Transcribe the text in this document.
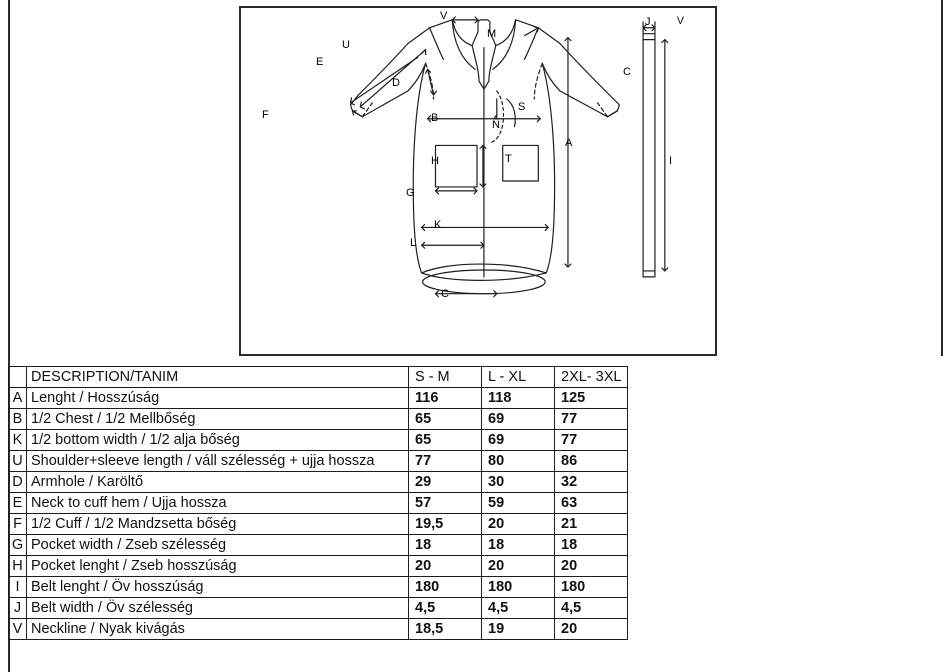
V
V
M
U
E
J
C
D
F	B
S
N
A
I
T
H
G
K
L
C
	DESCRIPTION/TANIM	S - M	L - XL	2XL- 3XL
A	Lenght / Hosszúság	116	118	125
B	1/2 Chest / 1/2 Mellbőség	65	69	77
K	1/2 bottom width / 1/2 alja bőség	65	69	77
U	Shoulder+sleeve length / váll szélesség + ujja hossza	77	80	86
D	Armhole / Karöltő	29	30	32
E	Neck to cuff hem / Ujja hossza	57	59	63
F	1/2 Cuff / 1/2 Mandzsetta bőség	19,5	20	21
G	Pocket width / Zseb szélesség	18	18	18
H	Pocket lenght / Zseb hosszúság	20	20	20
I	Belt lenght / Öv hosszúság	180	180	180
J	Belt width / Öv szélesség	4,5	4,5	4,5
V	Neckline / Nyak kivágás	18,5	19	20
